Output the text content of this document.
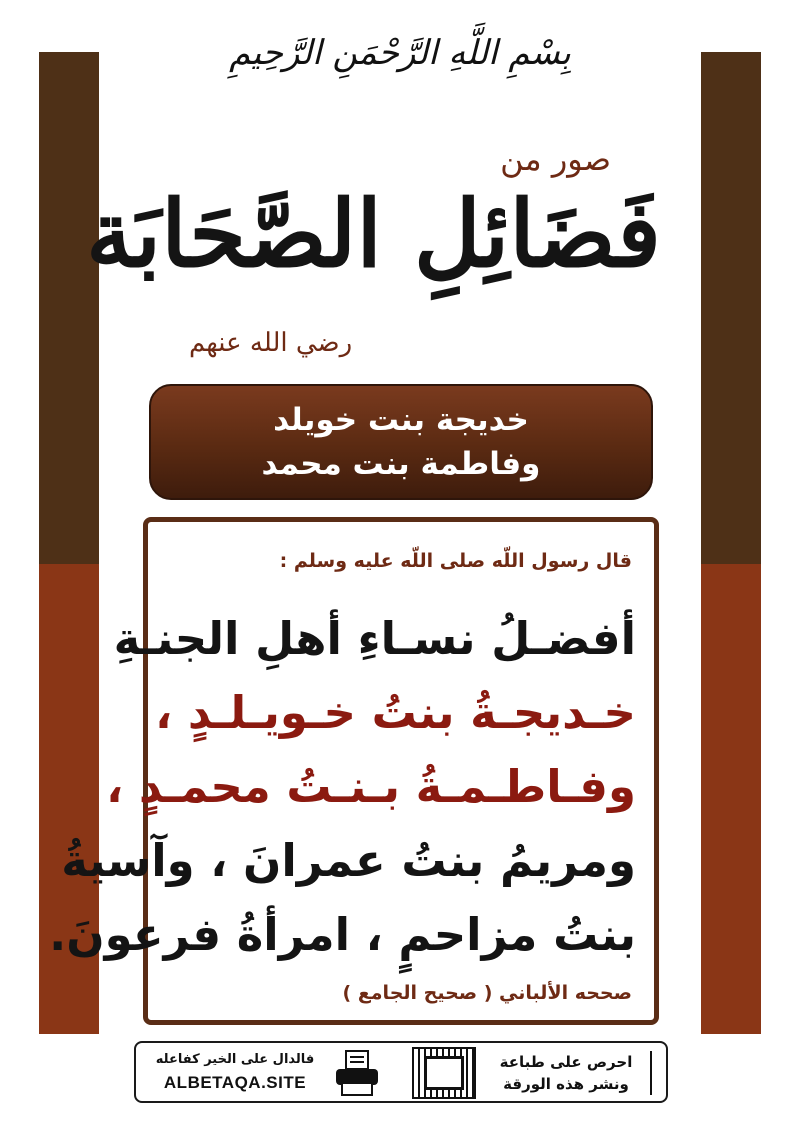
بِسْمِ اللَّهِ الرَّحْمَنِ الرَّحِيمِ
صور من
فَضَائِلِ الصَّحَابَة
رضي الله عنهم
خديجة بنت خويلد
وفاطمة بنت محمد
قال رسول اللّه صلى اللّه عليه وسلم :
أفضـلُ نسـاءِ أهلِ الجنـةِ
خـديجـةُ بنتُ خـويـلـدٍ ،
وفـاطـمـةُ بـنـتُ محمـدٍ ،
ومريمُ بنتُ عمرانَ ، وآسيةُ
بنتُ مزاحمٍ ، امرأةُ فرعونَ.
صححه الألباني ( صحيح الجامع )
فالدال على الخير كفاعله
ALBETAQA.SITE
احرص على طباعة
ونشر هذه الورقة
